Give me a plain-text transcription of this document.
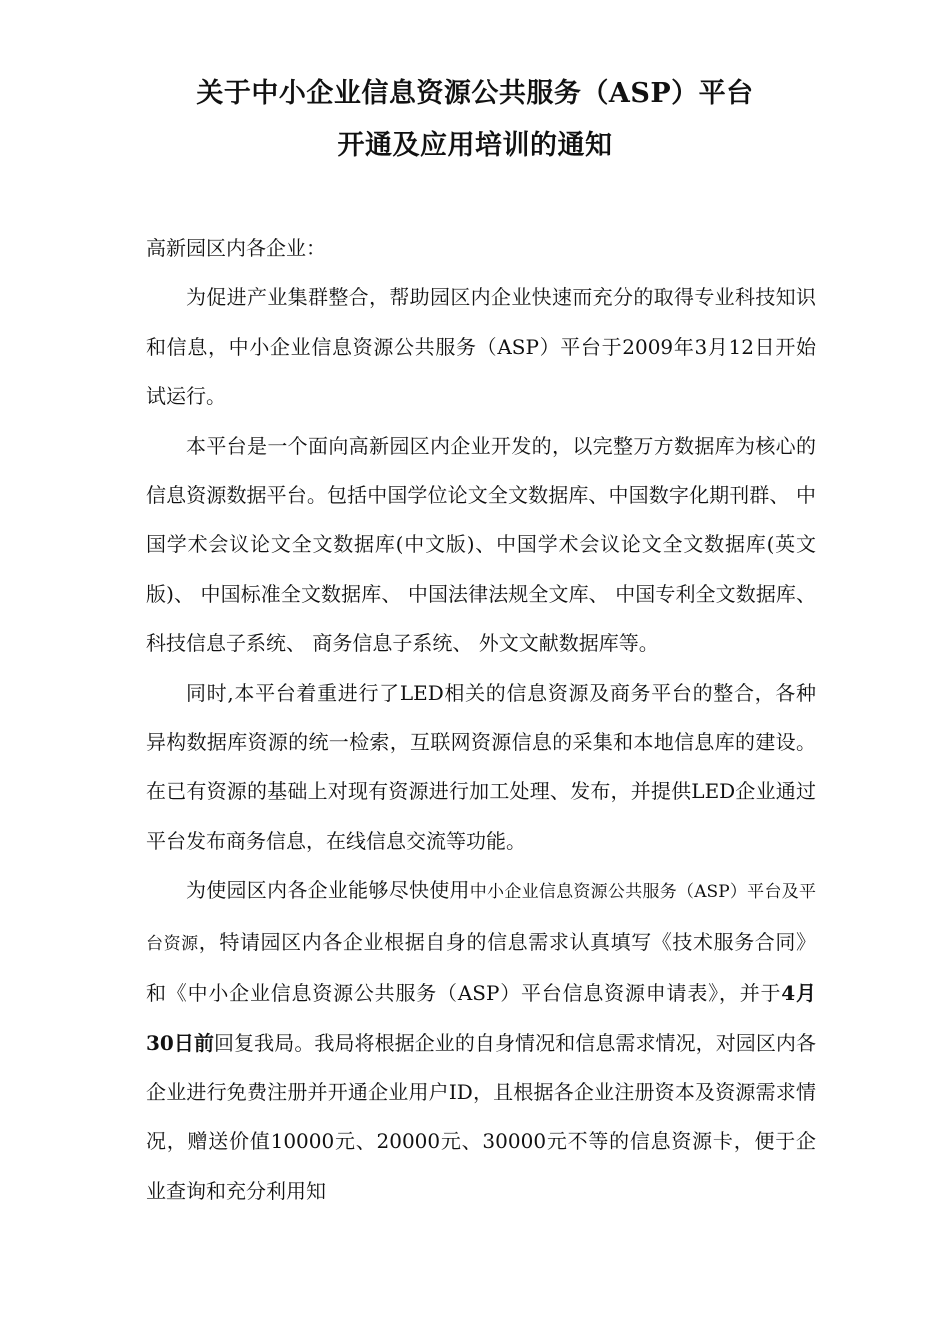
关于中小企业信息资源公共服务（ASP）平台
开通及应用培训的通知

高新园区内各企业：

为促进产业集群整合，帮助园区内企业快速而充分的取得专业科技知识和信息，中小企业信息资源公共服务（ASP）平台于2009年3月12日开始试运行。

本平台是一个面向高新园区内企业开发的，以完整万方数据库为核心的信息资源数据平台。包括中国学位论文全文数据库、中国数字化期刊群、 中国学术会议论文全文数据库(中文版)、中国学术会议论文全文数据库(英文版)、 中国标准全文数据库、 中国法律法规全文库、 中国专利全文数据库、 科技信息子系统、 商务信息子系统、 外文文献数据库等。

同时,本平台着重进行了LED相关的信息资源及商务平台的整合，各种异构数据库资源的统一检索，互联网资源信息的采集和本地信息库的建设。在已有资源的基础上对现有资源进行加工处理、发布，并提供LED企业通过平台发布商务信息，在线信息交流等功能。

为使园区内各企业能够尽快使用中小企业信息资源公共服务（ASP）平台及平台资源，特请园区内各企业根据自身的信息需求认真填写《技术服务合同》和《中小企业信息资源公共服务（ASP）平台信息资源申请表》，并于4月30日前回复我局。我局将根据企业的自身情况和信息需求情况，对园区内各企业进行免费注册并开通企业用户ID，且根据各企业注册资本及资源需求情况，赠送价值10000元、20000元、30000元不等的信息资源卡，便于企业查询和充分利用知
